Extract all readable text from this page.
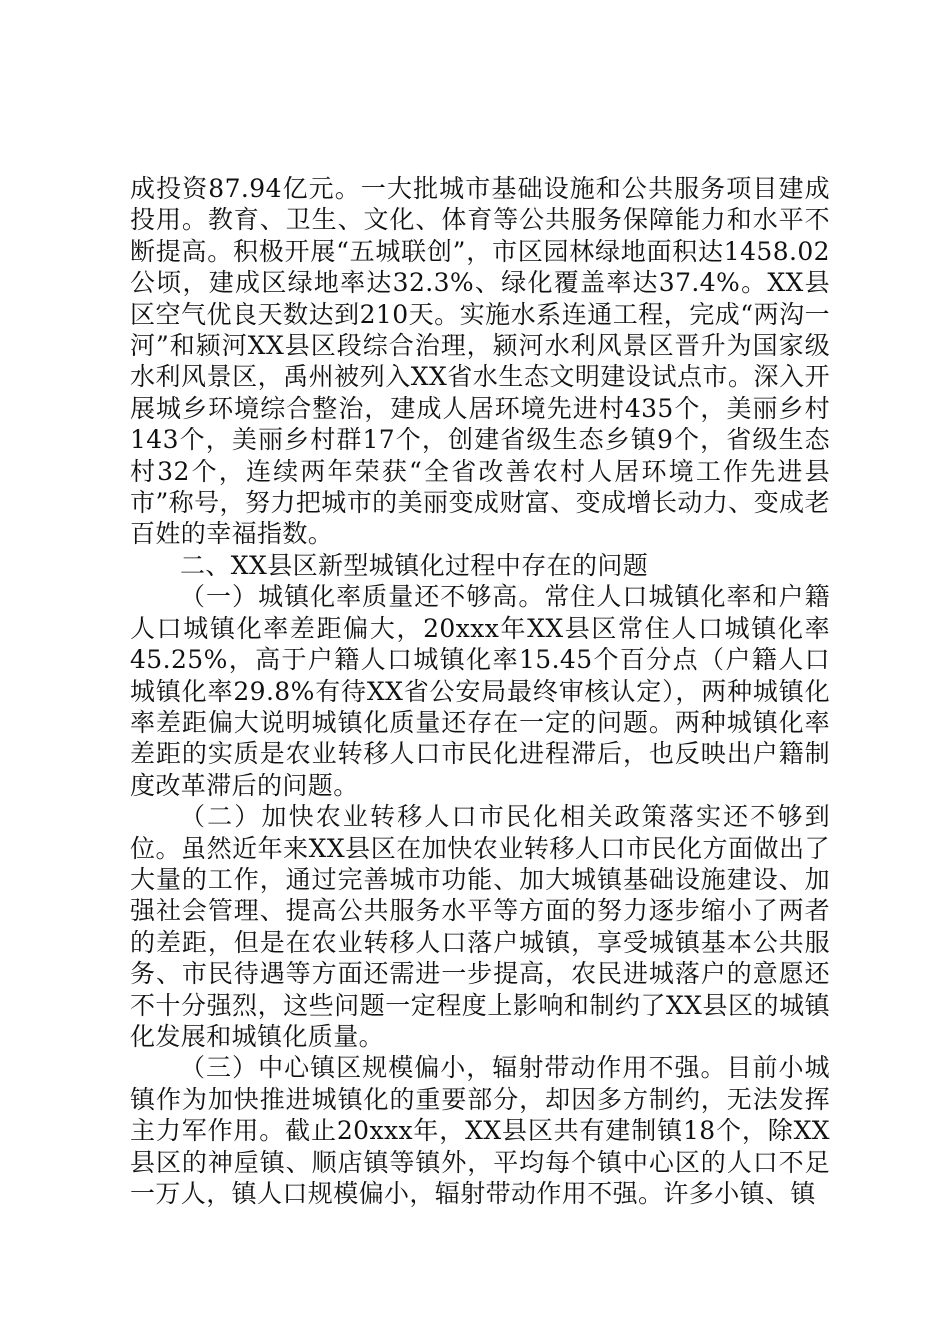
成投资87.94亿元。一大批城市基础设施和公共服务项目建成投用。教育、卫生、文化、体育等公共服务保障能力和水平不断提高。积极开展“五城联创”，市区园林绿地面积达1458.02公顷，建成区绿地率达32.3%、绿化覆盖率达37.4%。XX县区空气优良天数达到210天。实施水系连通工程，完成“两沟一河”和颍河XX县区段综合治理，颍河水利风景区晋升为国家级水利风景区，禹州被列入XX省水生态文明建设试点市。深入开展城乡环境综合整治，建成人居环境先进村435个，美丽乡村143个，美丽乡村群17个，创建省级生态乡镇9个，省级生态村32个，连续两年荣获“全省改善农村人居环境工作先进县市”称号，努力把城市的美丽变成财富、变成增长动力、变成老百姓的幸福指数。

二、XX县区新型城镇化过程中存在的问题

（一）城镇化率质量还不够高。常住人口城镇化率和户籍人口城镇化率差距偏大，20xxx年XX县区常住人口城镇化率45.25%，高于户籍人口城镇化率15.45个百分点（户籍人口城镇化率29.8%有待XX省公安局最终审核认定），两种城镇化率差距偏大说明城镇化质量还存在一定的问题。两种城镇化率差距的实质是农业转移人口市民化进程滞后，也反映出户籍制度改革滞后的问题。

（二）加快农业转移人口市民化相关政策落实还不够到位。虽然近年来XX县区在加快农业转移人口市民化方面做出了大量的工作，通过完善城市功能、加大城镇基础设施建设、加强社会管理、提高公共服务水平等方面的努力逐步缩小了两者的差距，但是在农业转移人口落户城镇，享受城镇基本公共服务、市民待遇等方面还需进一步提高，农民进城落户的意愿还不十分强烈，这些问题一定程度上影响和制约了XX县区的城镇化发展和城镇化质量。

（三）中心镇区规模偏小，辐射带动作用不强。目前小城镇作为加快推进城镇化的重要部分，却因多方制约，无法发挥主力军作用。截止20xxx年，XX县区共有建制镇18个，除XX县区的神垕镇、顺店镇等镇外，平均每个镇中心区的人口不足一万人，镇人口规模偏小，辐射带动作用不强。许多小镇、镇
